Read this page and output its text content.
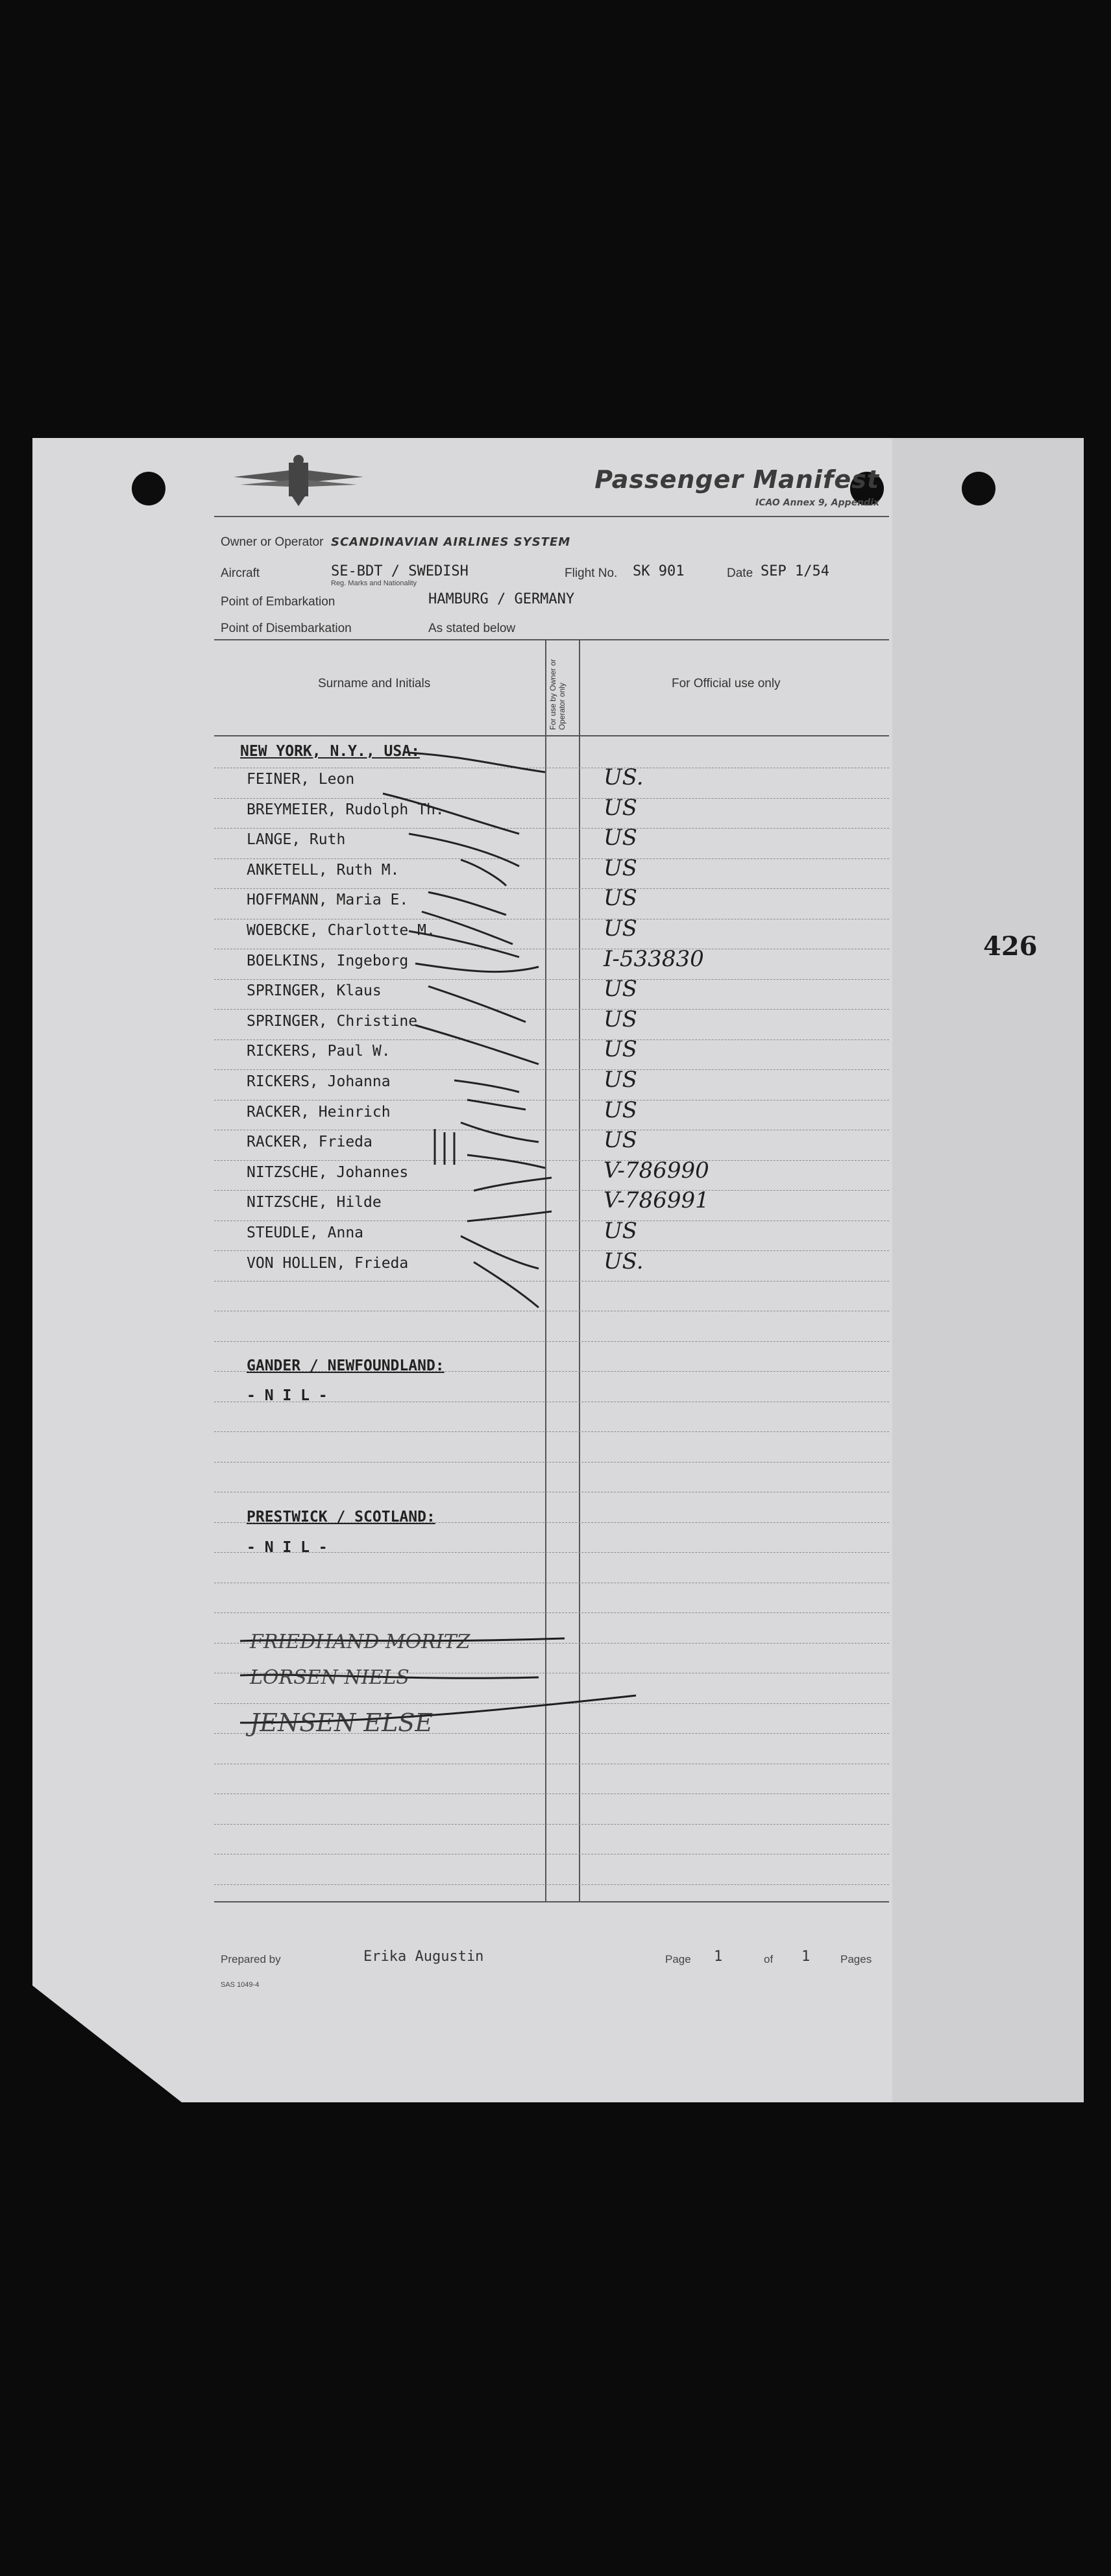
426
Passenger Manifest
ICAO Annex 9, Appendix
Owner or Operator SCANDINAVIAN AIRLINES SYSTEM
Aircraft	SE-BDT / SWEDISH
Reg. Marks and Nationality
Flight No. SK 901	Date SEP 1/54
Point of Embarkation	HAMBURG / GERMANY
Point of Disembarkation	As stated below
Surname and Initials	For use by Owner or Operator only	For Official use only
NEW YORK, N.Y., USA:
FEINER, Leon	US.
BREYMEIER, Rudolph Th.	US
LANGE, Ruth	US
ANKETELL, Ruth M.	US
HOFFMANN, Maria E.	US
WOEBCKE, Charlotte M.	US
BOELKINS, Ingeborg	I-533830
SPRINGER, Klaus	US
SPRINGER, Christine	US
RICKERS, Paul W.	US
RICKERS, Johanna	US
RACKER, Heinrich	US
RACKER, Frieda	US
NITZSCHE, Johannes	V-786990
NITZSCHE, Hilde	V-786991
STEUDLE, Anna	US
VON HOLLEN, Frieda	US.
GANDER / NEWFOUNDLAND:
- N I L -
PRESTWICK / SCOTLAND:
- N I L -
FRIEDHAND MORITZ
LORSEN NIELS
JENSEN ELSE
Prepared by	Erika Augustin	Page 1	of 1	Pages
SAS 1049-4
